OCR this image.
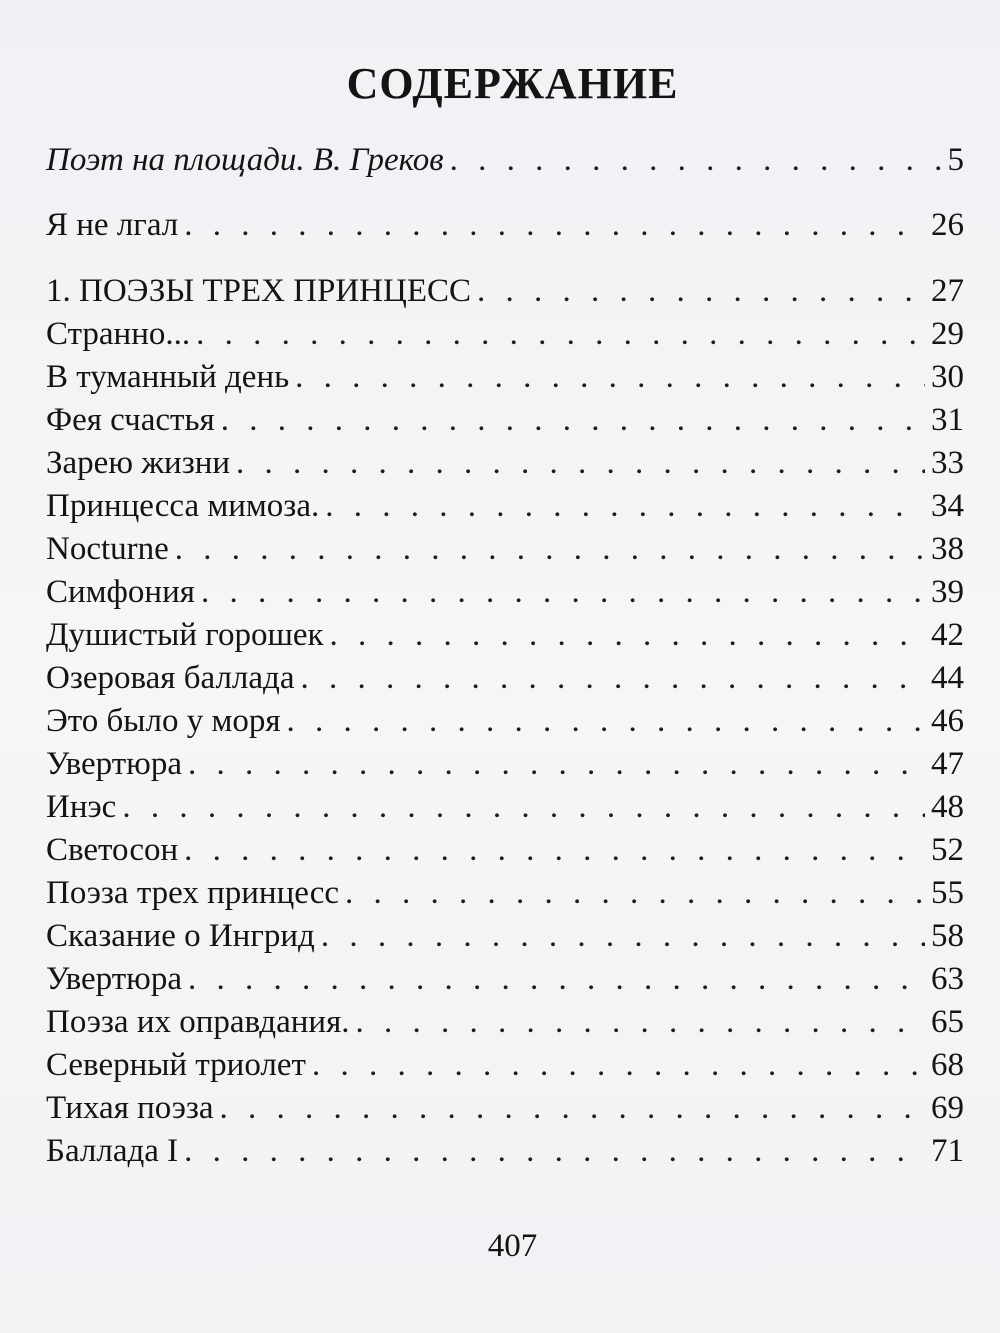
СОДЕРЖАНИЕ
Поэт на площади. В. Греков . . .	5
Я не лгал . . .	26
1. ПОЭЗЫ ТРЕХ ПРИНЦЕСС . . .	27
Странно... . . .	29
В туманный день . . .	30
Фея счастья . . .	31
Зарею жизни . . .	33
Принцесса мимоза. . . .	34
Nocturne . . .	38
Симфония . . .	39
Душистый горошек . . .	42
Озеровая баллада . . .	44
Это было у моря . . .	46
Увертюра . . .	47
Инэс . . .	48
Светосон . . .	52
Поэза трех принцесс . . .	55
Сказание о Ингрид . . .	58
Увертюра . . .	63
Поэза их оправдания. . . .	65
Северный триолет . . .	68
Тихая поэза . . .	69
Баллада I . . .	71
407
